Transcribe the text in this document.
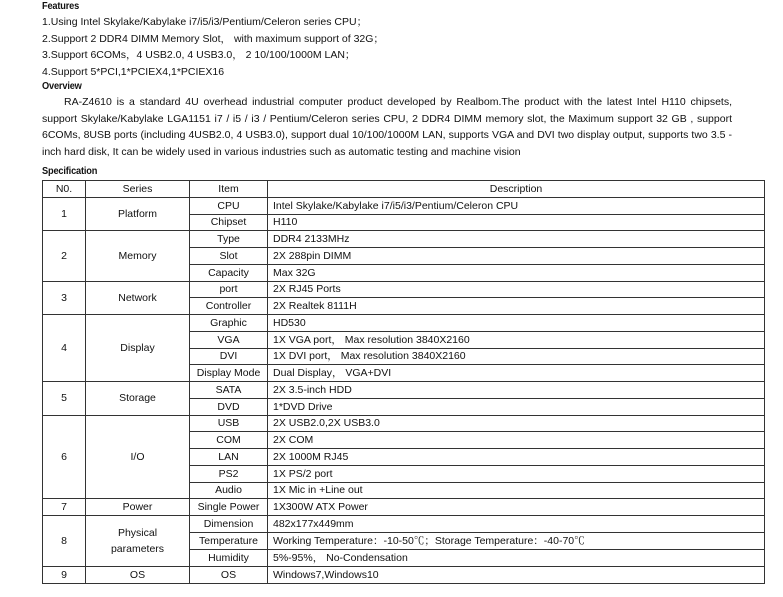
Features
1.Using Intel Skylake/Kabylake i7/i5/i3/Pentium/Celeron series CPU；
2.Support 2 DDR4 DIMM Memory Slot， with maximum support of 32G；
3.Support 6COMs，4 USB2.0, 4 USB3.0， 2 10/100/1000M LAN；
4.Support 5*PCI,1*PCIEX4,1*PCIEX16
Overview

RA-Z4610 is a standard 4U overhead industrial computer product developed by Realbom.The product with the latest Intel H110 chipsets, support Skylake/Kabylake LGA1151 i7 / i5 / i3 / Pentium/Celeron series CPU, 2 DDR4 DIMM memory slot, the Maximum support 32 GB , support 6COMs, 8USB ports (including 4USB2.0, 4 USB3.0), support dual 10/100/1000M LAN, supports VGA and DVI two display output, supports two 3.5 -inch hard disk, It can be widely used in various industries such as automatic testing and machine vision

Specification
N0.	Series	Item	Description
1	Platform	CPU	Intel Skylake/Kabylake i7/i5/i3/Pentium/Celeron CPU
		Chipset	H110
2	Memory	Type	DDR4 2133MHz
		Slot	2X 288pin DIMM
		Capacity	Max 32G
3	Network	port	2X RJ45 Ports
		Controller	2X Realtek 8111H
4	Display	Graphic	HD530
		VGA	1X VGA port， Max resolution 3840X2160
		DVI	1X DVI port， Max resolution 3840X2160
		Display Mode	Dual Display， VGA+DVI
5	Storage	SATA	2X 3.5-inch HDD
		DVD	1*DVD Drive
6	I/O	USB	2X USB2.0,2X USB3.0
		COM	2X COM
		LAN	2X 1000M RJ45
		PS2	1X PS/2 port
		Audio	1X Mic in +Line out
7	Power	Single Power	1X300W ATX Power
8	Physical parameters	Dimension	482x177x449mm
		Temperature	Working Temperature：-10-50℃；Storage Temperature：-40-70℃
		Humidity	5%-95%， No-Condensation
9	OS	OS	Windows7,Windows10
